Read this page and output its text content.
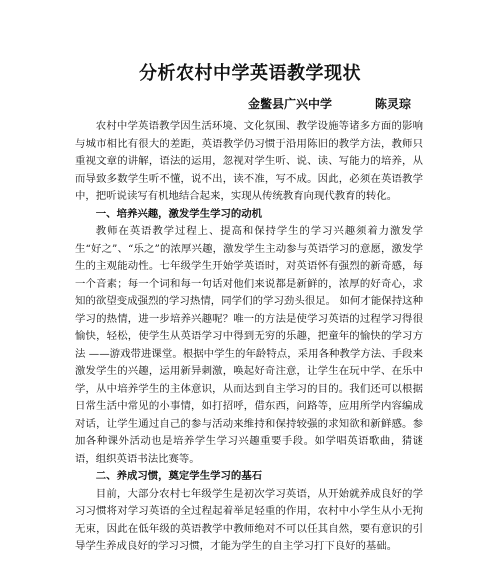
分析农村中学英语教学现状
金鳖县广兴中学	陈灵琮

农村中学英语教学因生活环境、文化氛围、教学设施等诸多方面的影响与城市相比有很大的差距，英语教学仍习惯于沿用陈旧的教学方法，教师只重视文章的讲解，语法的运用，忽视对学生听、说、读、写能力的培养，从而导致多数学生听不懂，说不出，读不准，写不成。因此，必须在英语教学中，把听说读写有机地结合起来，实现从传统教育向现代教育的转化。

一、培养兴趣，激发学生学习的动机

教师在英语教学过程上、提高和保持学生的学习兴趣须着力激发学生“好之”、“乐之”的浓厚兴趣，激发学生主动参与英语学习的意愿，激发学生的主观能动性。七年级学生开始学英语时，对英语怀有强烈的新奇感，每一个音素；每一个词和每一句话对他们来说都是新鲜的，浓厚的好奇心，求知的欲望变成强烈的学习热情，同学们的学习劲头很足。 如何才能保持这种学习的热情，进一步培养兴趣呢？唯一的方法是使学习英语的过程学习得很愉快，轻松，使学生从英语学习中得到无穷的乐趣，把童年的愉快的学习方法 ——游戏带进课堂。根据中学生的年龄特点，采用各种教学方法、手段来激发学生的兴趣，运用新异刺激，唤起好奇注意，让学生在玩中学、在乐中学，从中培养学生的主体意识，从而达到自主学习的目的。我们还可以根据日常生活中常见的小事情，如打招呼，借东西，问路等，应用所学内容编成对话，让学生通过自己的参与活动来维持和保持较强的求知欲和新鲜感。参加各种课外活动也是培养学生学习兴趣重要手段。如学唱英语歌曲，猜谜语，组织英语书法比赛等。

二、养成习惯，奠定学生学习的基石

目前，大部分农村七年级学生是初次学习英语，从开始就养成良好的学习习惯将对学习英语的全过程起着举足轻重的作用，农村中小学生从小无拘无束，因此在低年级的英语教学中教师绝对不可以任其自然，要有意识的引导学生养成良好的学习习惯，才能为学生的自主学习打下良好的基础。
